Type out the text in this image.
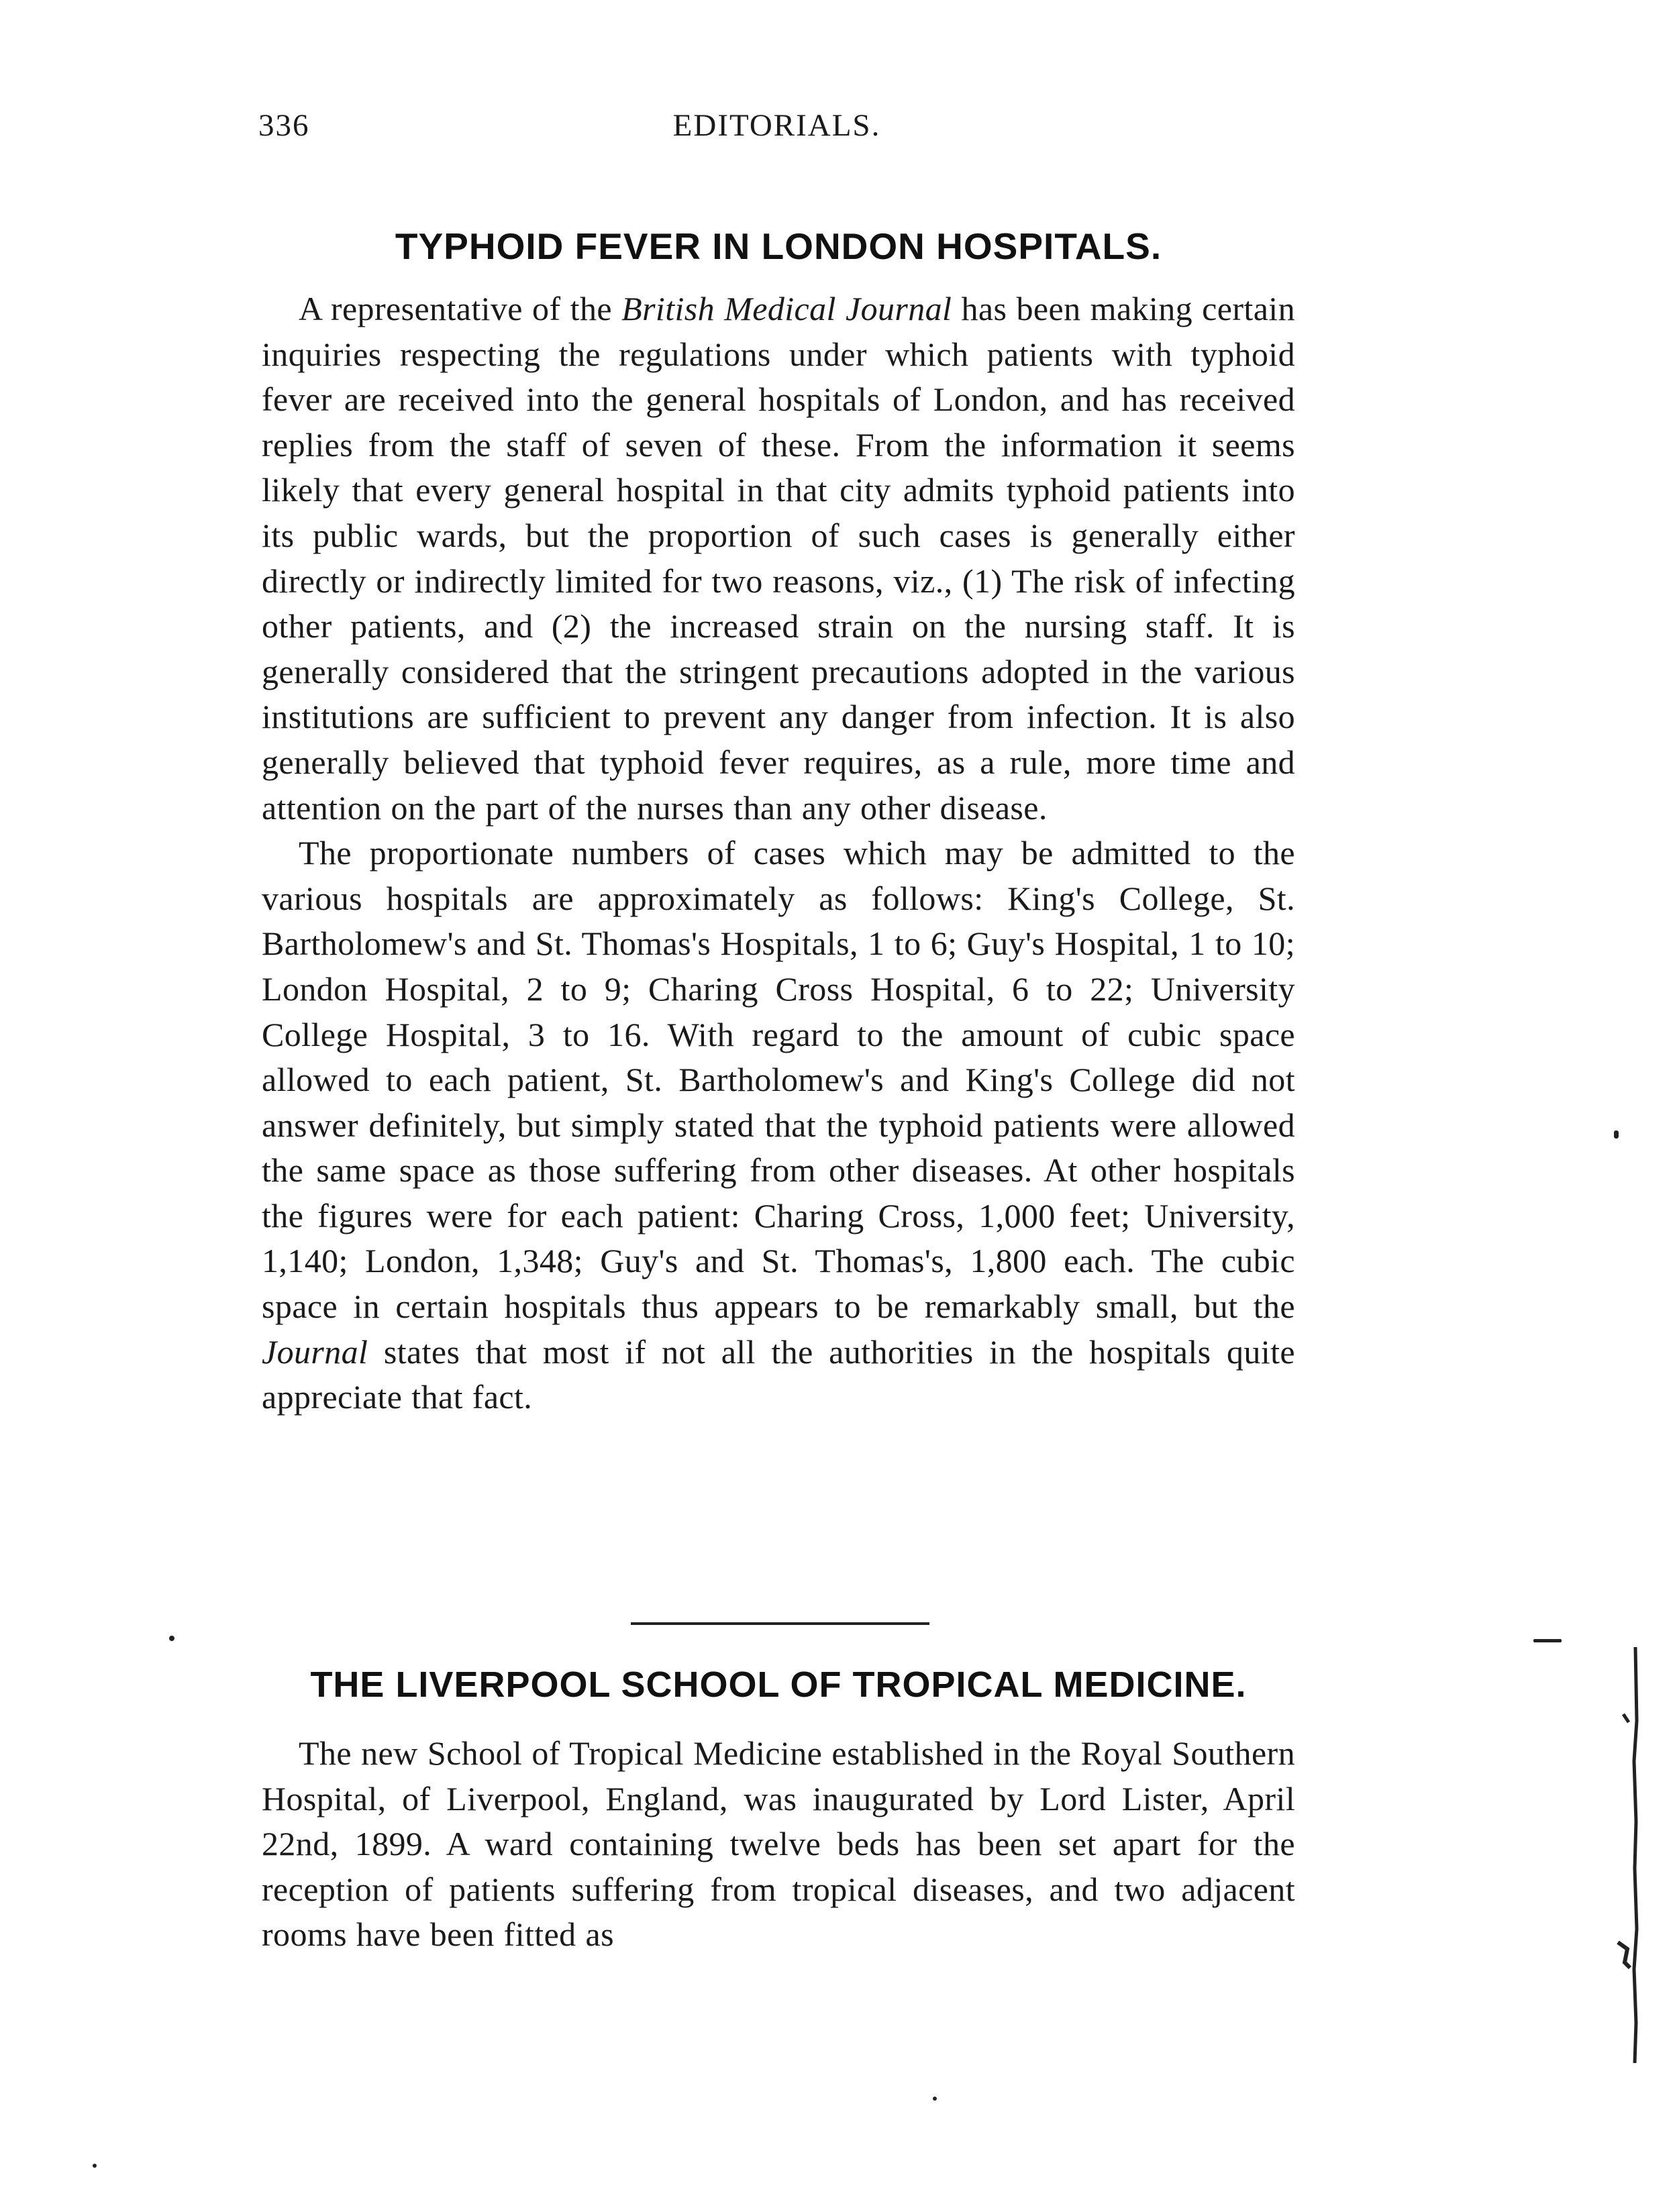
336	EDITORIALS.
TYPHOID FEVER IN LONDON HOSPITALS.

A representative of the British Medical Journal has been making certain inquiries respecting the regulations under which patients with typhoid fever are received into the general hospitals of London, and has received replies from the staff of seven of these. From the information it seems likely that every general hospital in that city admits typhoid patients into its public wards, but the proportion of such cases is generally either directly or indirectly limited for two reasons, viz., (1) The risk of infecting other patients, and (2) the increased strain on the nursing staff. It is generally considered that the stringent precautions adopted in the various institutions are sufficient to prevent any danger from infection. It is also generally believed that typhoid fever requires, as a rule, more time and attention on the part of the nurses than any other disease.

The proportionate numbers of cases which may be admitted to the various hospitals are approximately as follows: King's College, St. Bartholomew's and St. Thomas's Hospitals, 1 to 6; Guy's Hospital, 1 to 10; London Hospital, 2 to 9; Charing Cross Hospital, 6 to 22; University College Hospital, 3 to 16. With regard to the amount of cubic space allowed to each patient, St. Bartholomew's and King's College did not answer definitely, but simply stated that the typhoid patients were allowed the same space as those suffering from other diseases. At other hospitals the figures were for each patient: Charing Cross, 1,000 feet; University, 1,140; London, 1,348; Guy's and St. Thomas's, 1,800 each. The cubic space in certain hospitals thus appears to be remarkably small, but the Journal states that most if not all the authorities in the hospitals quite appreciate that fact.

THE LIVERPOOL SCHOOL OF TROPICAL MEDICINE.

The new School of Tropical Medicine established in the Royal Southern Hospital, of Liverpool, England, was inaugurated by Lord Lister, April 22nd, 1899. A ward containing twelve beds has been set apart for the reception of patients suffering from tropical diseases, and two adjacent rooms have been fitted as
